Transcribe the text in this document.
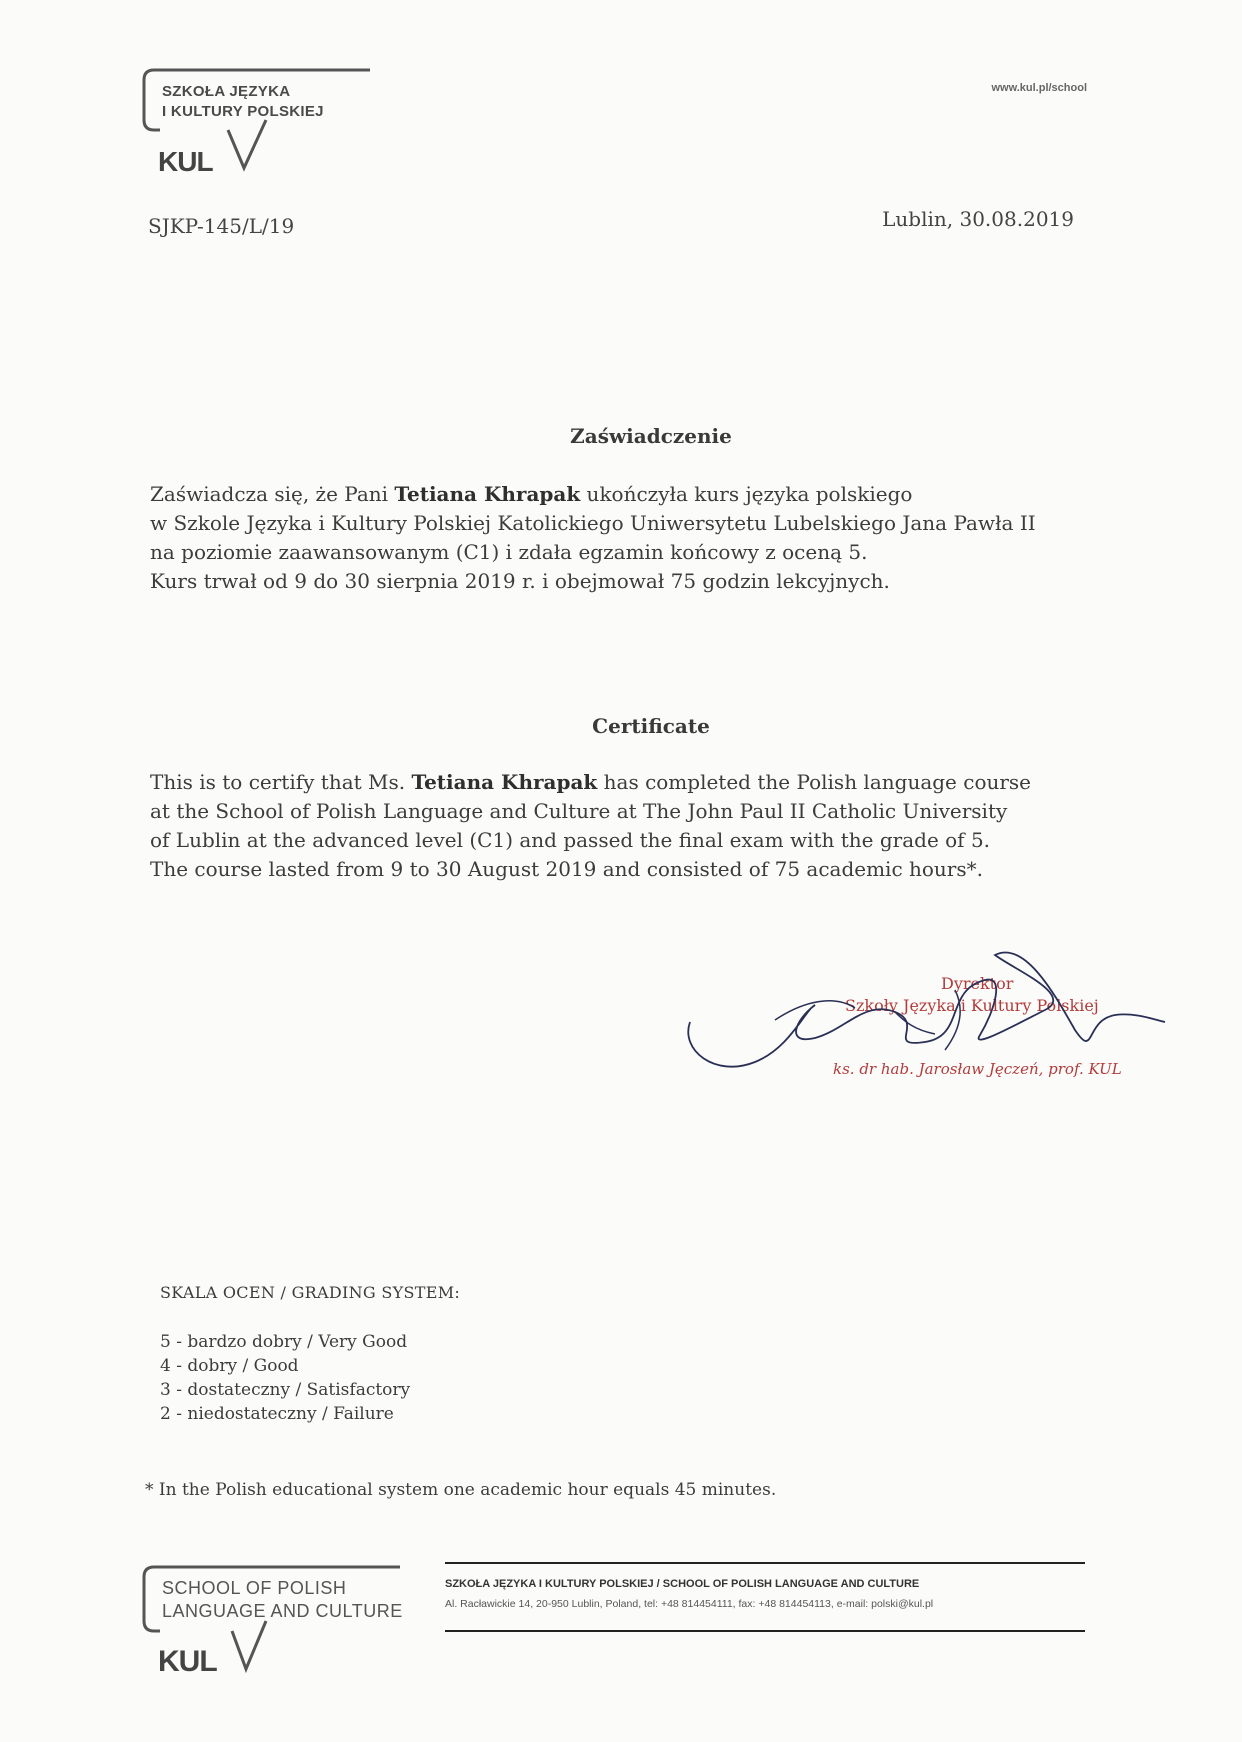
SZKOŁA JĘZYKA
I KULTURY POLSKIEJ
KUL
www.kul.pl/school
SJKP-145/L/19	Lublin, 30.08.2019
Zaświadczenie

Zaświadcza się, że Pani Tetiana Khrapak ukończyła kurs języka polskiego

w Szkole Języka i Kultury Polskiej Katolickiego Uniwersytetu Lubelskiego Jana Pawła II

na poziomie zaawansowanym (C1) i zdała egzamin końcowy z oceną 5.

Kurs trwał od 9 do 30 sierpnia 2019 r. i obejmował 75 godzin lekcyjnych.

Certificate

This is to certify that Ms. Tetiana Khrapak has completed the Polish language course

at the School of Polish Language and Culture at The John Paul II Catholic University

of Lublin at the advanced level (C1) and passed the final exam with the grade of 5.

The course lasted from 9 to 30 August 2019 and consisted of 75 academic hours*.

Dyrektor
Szkoły Języka i Kultury Polskiej
ks. dr hab. Jarosław Jęczeń, prof. KUL

SKALA OCEN / GRADING SYSTEM:

5 - bardzo dobry / Very Good
4 - dobry / Good
3 - dostateczny / Satisfactory
2 - niedostateczny / Failure
* In the Polish educational system one academic hour equals 45 minutes.
SCHOOL OF POLISH
LANGUAGE AND CULTURE
KUL
SZKOŁA JĘZYKA I KULTURY POLSKIEJ / SCHOOL OF POLISH LANGUAGE AND CULTURE
Al. Racławickie 14, 20-950 Lublin, Poland, tel: +48 814454111, fax: +48 814454113, e-mail: polski@kul.pl
